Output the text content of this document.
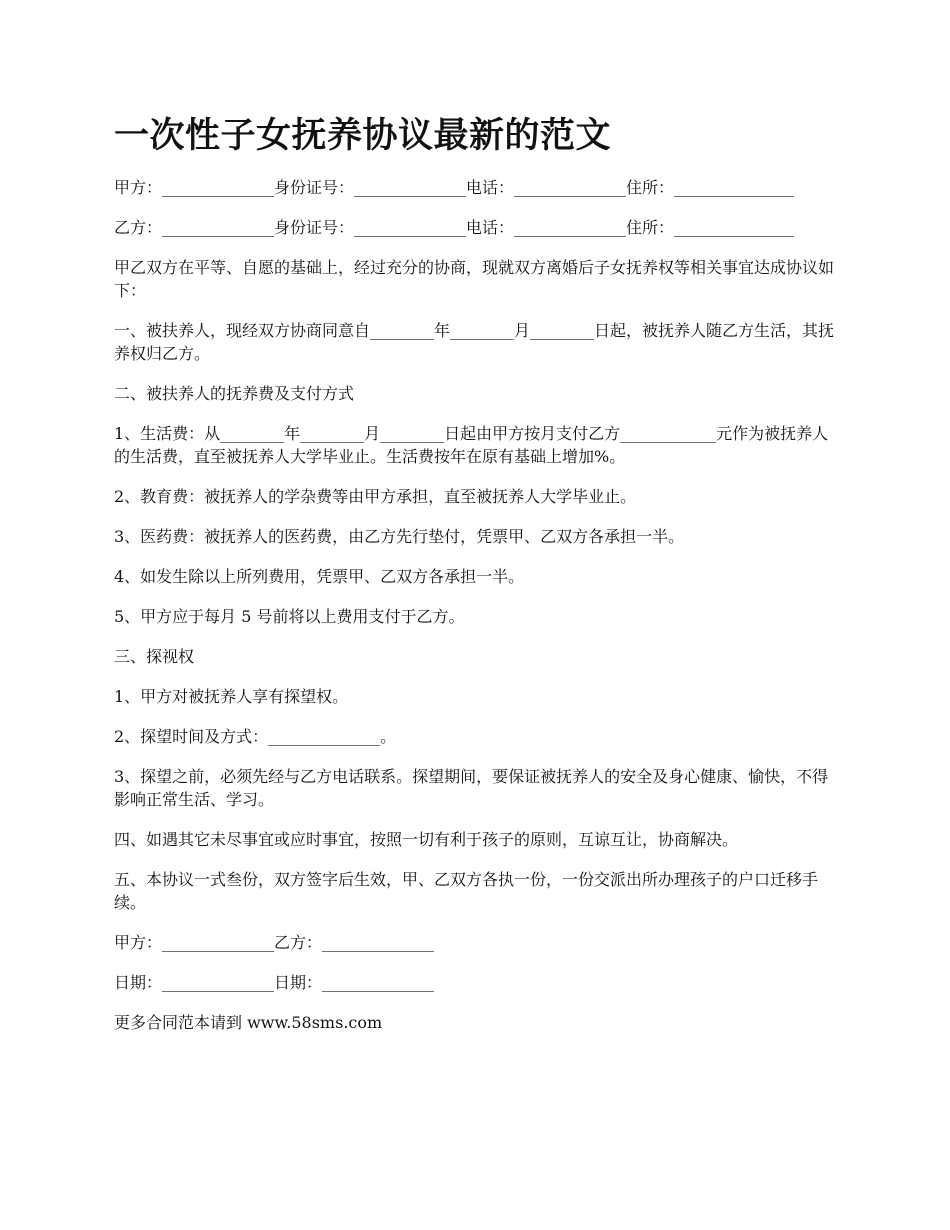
一次性子女抚养协议最新的范文

甲方：______________身份证号：______________电话：______________住所：_______________

乙方：______________身份证号：______________电话：______________住所：_______________

甲乙双方在平等、自愿的基础上，经过充分的协商，现就双方离婚后子女抚养权等相关事宜达成协议如下：

一、被扶养人，现经双方协商同意自________年________月________日起，被抚养人随乙方生活，其抚养权归乙方。

二、被扶养人的抚养费及支付方式

1、生活费：从________年________月________日起由甲方按月支付乙方____________元作为被抚养人的生活费，直至被抚养人大学毕业止。生活费按年在原有基础上增加%。

2、教育费：被抚养人的学杂费等由甲方承担，直至被抚养人大学毕业止。

3、医药费：被抚养人的医药费，由乙方先行垫付，凭票甲、乙双方各承担一半。

4、如发生除以上所列费用，凭票甲、乙双方各承担一半。

5、甲方应于每月 5 号前将以上费用支付于乙方。

三、探视权

1、甲方对被抚养人享有探望权。

2、探望时间及方式：______________。

3、探望之前，必须先经与乙方电话联系。探望期间，要保证被抚养人的安全及身心健康、愉快，不得影响正常生活、学习。

四、如遇其它未尽事宜或应时事宜，按照一切有利于孩子的原则，互谅互让，协商解决。

五、本协议一式叁份，双方签字后生效，甲、乙双方各执一份，一份交派出所办理孩子的户口迁移手续。

甲方：______________乙方：______________

日期：______________日期：______________

更多合同范本请到 www.58sms.com
